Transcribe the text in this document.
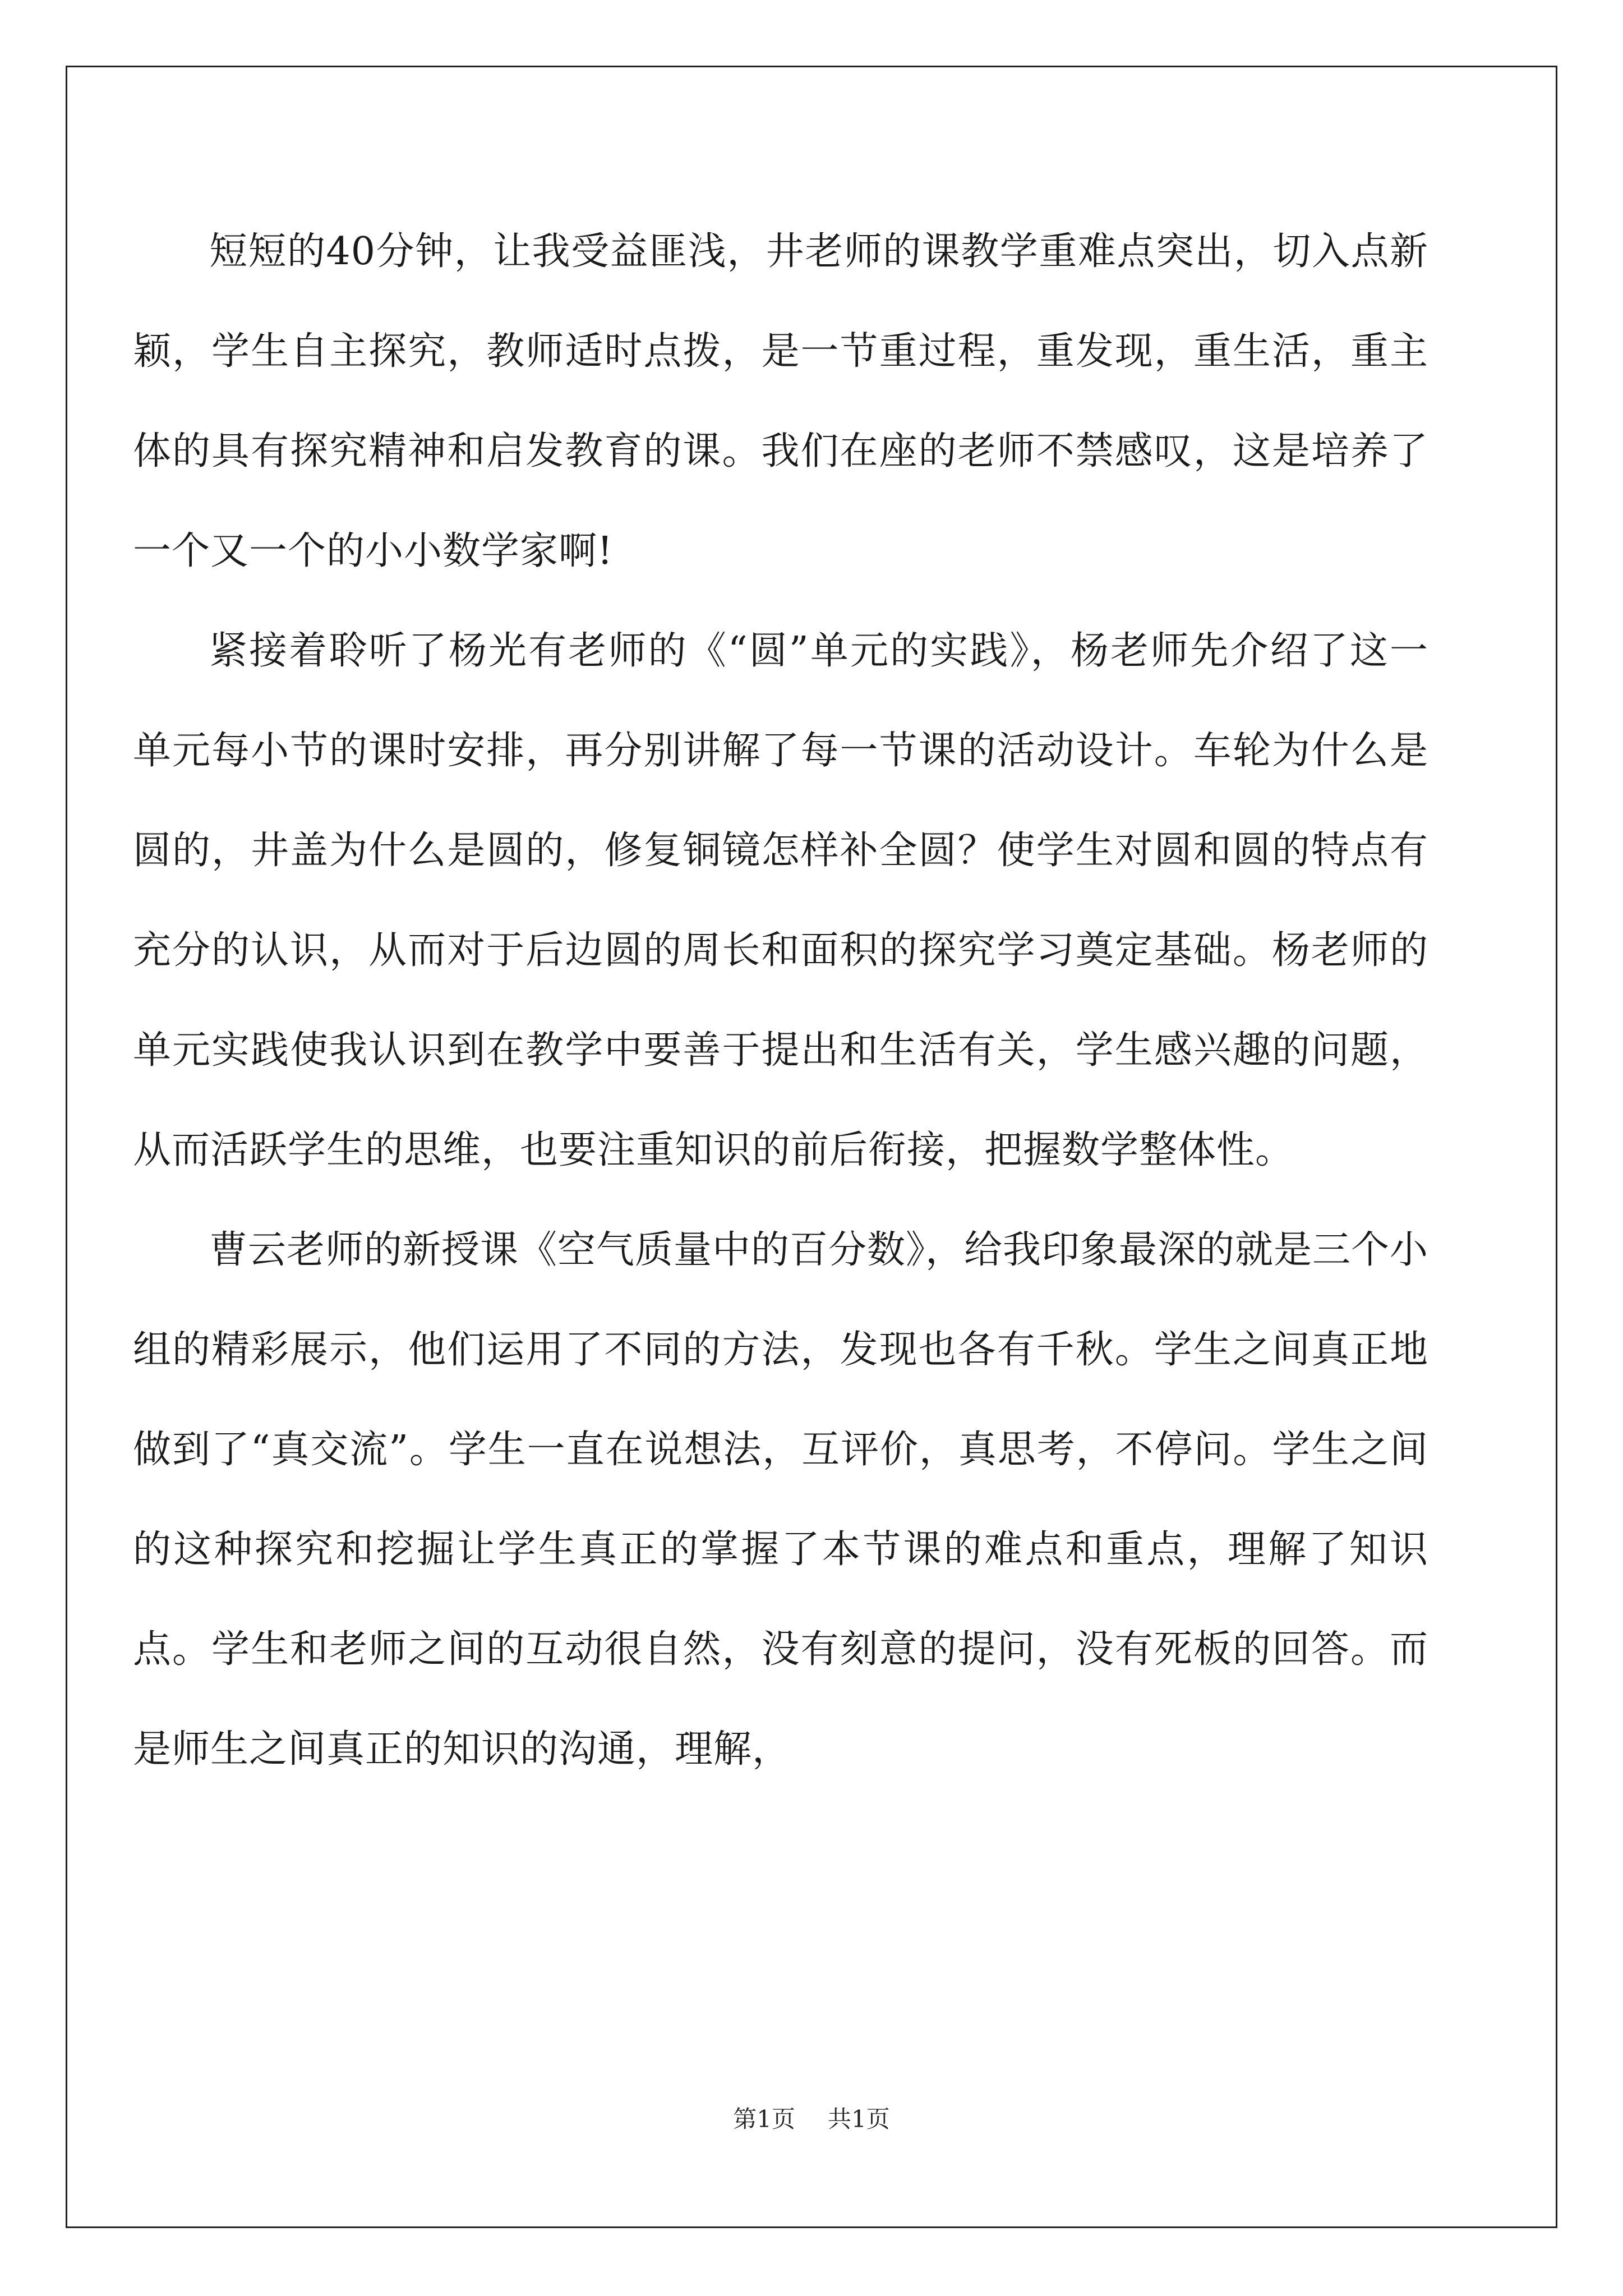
短短的40分钟，让我受益匪浅，井老师的课教学重难点突出，切入点新颖，学生自主探究，教师适时点拨，是一节重过程，重发现，重生活，重主体的具有探究精神和启发教育的课。我们在座的老师不禁感叹，这是培养了一个又一个的小小数学家啊!

紧接着聆听了杨光有老师的《“圆”单元的实践》，杨老师先介绍了这一单元每小节的课时安排，再分别讲解了每一节课的活动设计。车轮为什么是圆的，井盖为什么是圆的，修复铜镜怎样补全圆？使学生对圆和圆的特点有充分的认识，从而对于后边圆的周长和面积的探究学习奠定基础。杨老师的单元实践使我认识到在教学中要善于提出和生活有关，学生感兴趣的问题，从而活跃学生的思维，也要注重知识的前后衔接，把握数学整体性。

曹云老师的新授课《空气质量中的百分数》，给我印象最深的就是三个小组的精彩展示，他们运用了不同的方法，发现也各有千秋。学生之间真正地做到了“真交流”。学生一直在说想法，互评价，真思考，不停问。学生之间的这种探究和挖掘让学生真正的掌握了本节课的难点和重点，理解了知识点。学生和老师之间的互动很自然，没有刻意的提问，没有死板的回答。而是师生之间真正的知识的沟通，理解，

第1页 共1页
